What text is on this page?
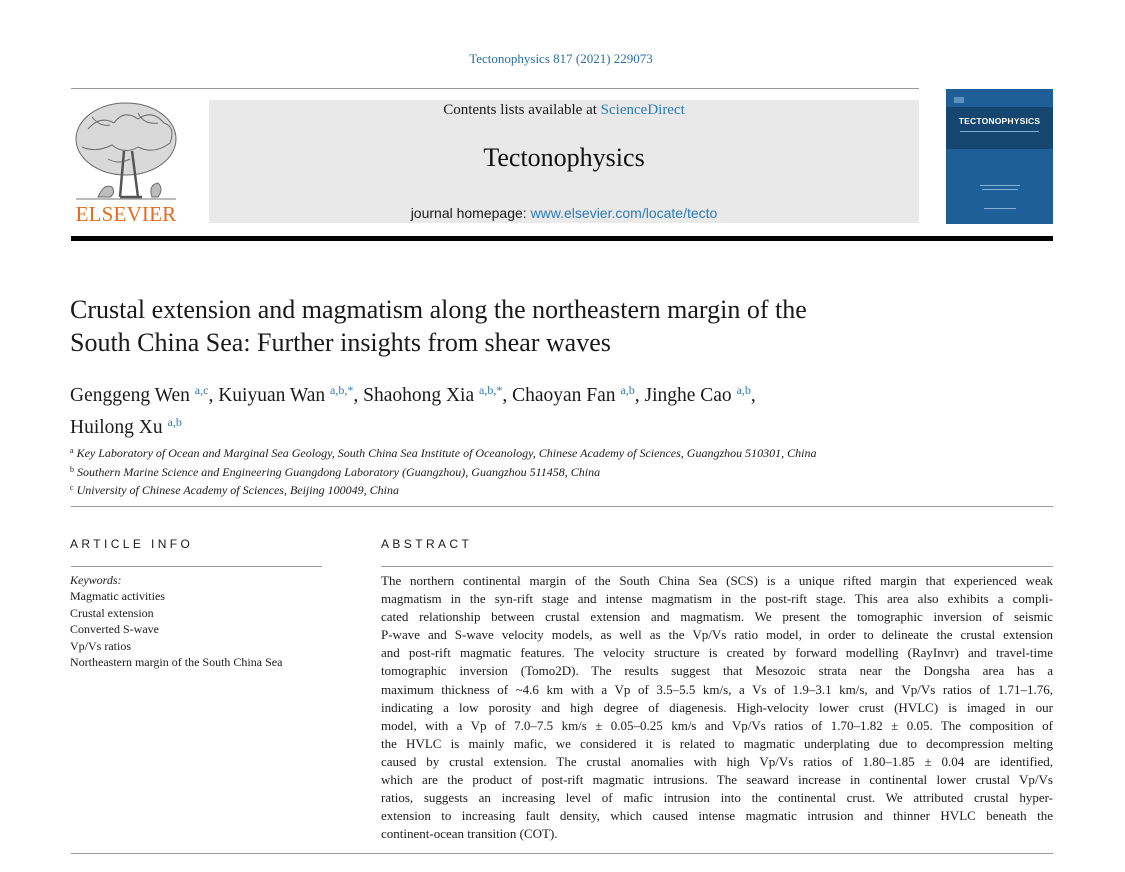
Tectonophysics 817 (2021) 229073
ELSEVIER
Contents lists available at ScienceDirect
Tectonophysics
journal homepage: www.elsevier.com/locate/tecto
TECTONOPHYSICS
Crustal extension and magmatism along the northeastern margin of the
South China Sea: Further insights from shear waves
Genggeng Wen $^{a,c}$, Kuiyuan Wan $^{a,b,*}$, Shaohong Xia $^{a,b,*}$, Chaoyan Fan $^{a,b}$, Jinghe Cao $^{a,b}$,
Huilong Xu $^{a,b}$
$^a$ Key Laboratory of Ocean and Marginal Sea Geology, South China Sea Institute of Oceanology, Chinese Academy of Sciences, Guangzhou 510301, China
$^b$ Southern Marine Science and Engineering Guangdong Laboratory (Guangzhou), Guangzhou 511458, China
$^c$ University of Chinese Academy of Sciences, Beijing 100049, China
ARTICLE INFO	ABSTRACT
Keywords:
Magmatic activities
Crustal extension
Converted S-wave
Vp/Vs ratios
Northeastern margin of the South China Sea
The northern continental margin of the South China Sea (SCS) is a unique rifted margin that experienced weak
magmatism in the syn-rift stage and intense magmatism in the post-rift stage. This area also exhibits a compli-
cated relationship between crustal extension and magmatism. We present the tomographic inversion of seismic
P-wave and S-wave velocity models, as well as the Vp/Vs ratio model, in order to delineate the crustal extension
and post-rift magmatic features. The velocity structure is created by forward modelling (RayInvr) and travel-time
tomographic inversion (Tomo2D). The results suggest that Mesozoic strata near the Dongsha area has a
maximum thickness of ~4.6 km with a Vp of 3.5–5.5 km/s, a Vs of 1.9–3.1 km/s, and Vp/Vs ratios of 1.71–1.76,
indicating a low porosity and high degree of diagenesis. High-velocity lower crust (HVLC) is imaged in our
model, with a Vp of 7.0–7.5 km/s ± 0.05–0.25 km/s and Vp/Vs ratios of 1.70–1.82 ± 0.05. The composition of
the HVLC is mainly mafic, we considered it is related to magmatic underplating due to decompression melting
caused by crustal extension. The crustal anomalies with high Vp/Vs ratios of 1.80–1.85 ± 0.04 are identified,
which are the product of post-rift magmatic intrusions. The seaward increase in continental lower crustal Vp/Vs
ratios, suggests an increasing level of mafic intrusion into the continental crust. We attributed crustal hyper-
extension to increasing fault density, which caused intense magmatic intrusion and thinner HVLC beneath the
continent-ocean transition (COT).
